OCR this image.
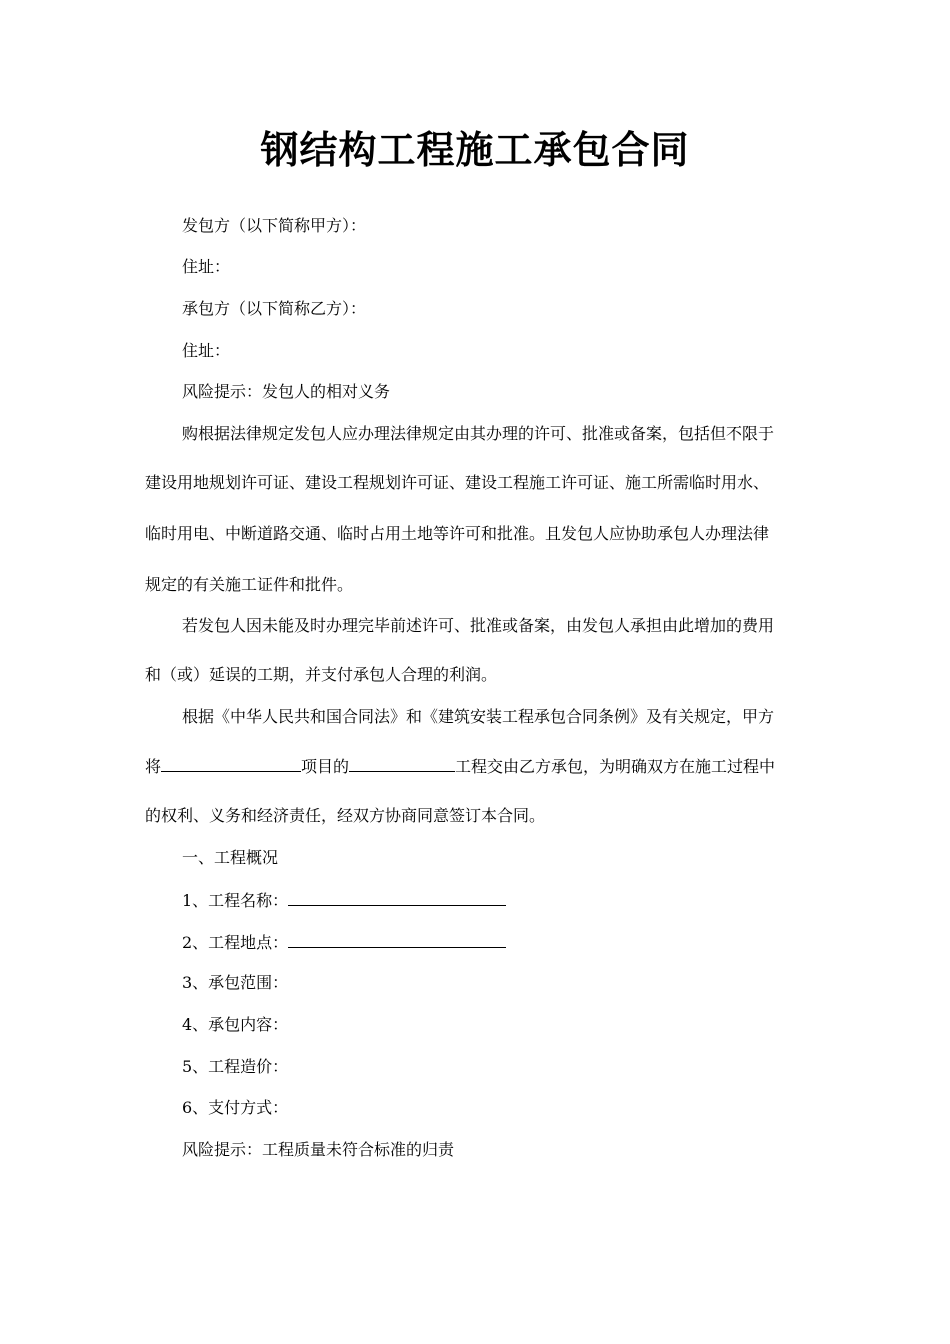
钢结构工程施工承包合同
发包方（以下简称甲方）：
住址：
承包方（以下简称乙方）：
住址：
风险提示：发包人的相对义务
购根据法律规定发包人应办理法律规定由其办理的许可、批准或备案，包括但不限于
建设用地规划许可证、建设工程规划许可证、建设工程施工许可证、施工所需临时用水、
临时用电、中断道路交通、临时占用土地等许可和批准。且发包人应协助承包人办理法律
规定的有关施工证件和批件。
若发包人因未能及时办理完毕前述许可、批准或备案，由发包人承担由此增加的费用
和（或）延误的工期，并支付承包人合理的利润。
根据《中华人民共和国合同法》和《建筑安装工程承包合同条例》及有关规定，甲方
将	项目的	工程交由乙方承包，为明确双方在施工过程中
的权利、义务和经济责任，经双方协商同意签订本合同。
一、工程概况
1、工程名称：
2、工程地点：
3、承包范围：
4、承包内容：
5、工程造价：
6、支付方式：
风险提示：工程质量未符合标准的归责
